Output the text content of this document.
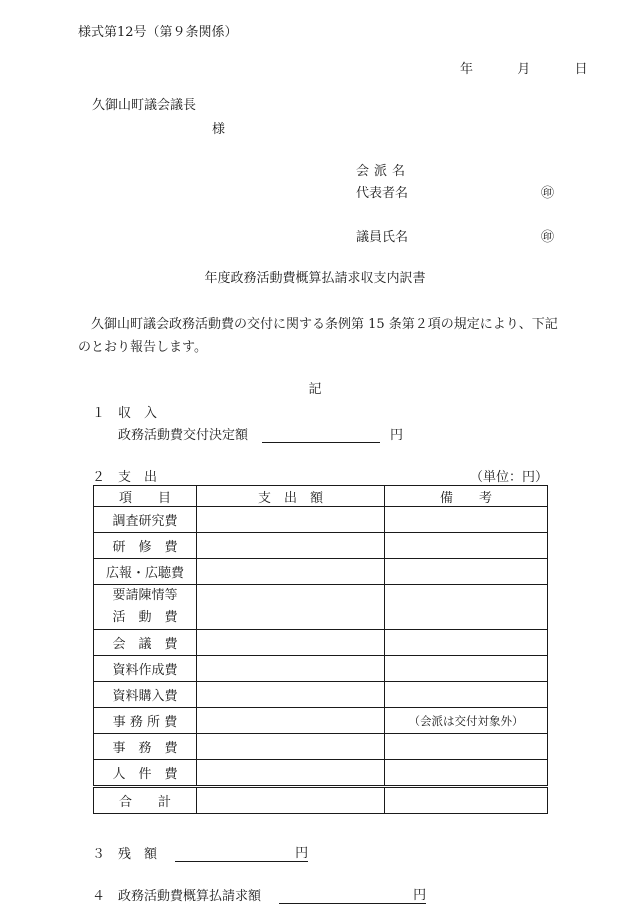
様式第12号（第９条関係）
年	月	日
久御山町議会議長
様
会派名
代表者名	㊞
議員氏名	㊞
年度政務活動費概算払請求収支内訳書
久御山町議会政務活動費の交付に関する条例第 15 条第２項の規定により、下記のとおり報告します。
記
１　収　入
政務活動費交付決定額	円
２　支　出	（単位：円）
項　　目	支　出　額	備　　考
調査研究費		
研　修　費		
広報・広聴費		

要請陳情等
活　動　費		

会　議　費		
資料作成費		
資料購入費		
事 務 所 費		（会派は交付対象外）
事　務　費		
人　件　費		
合　　計		
３　残　額	円
４　政務活動費概算払請求額	円
